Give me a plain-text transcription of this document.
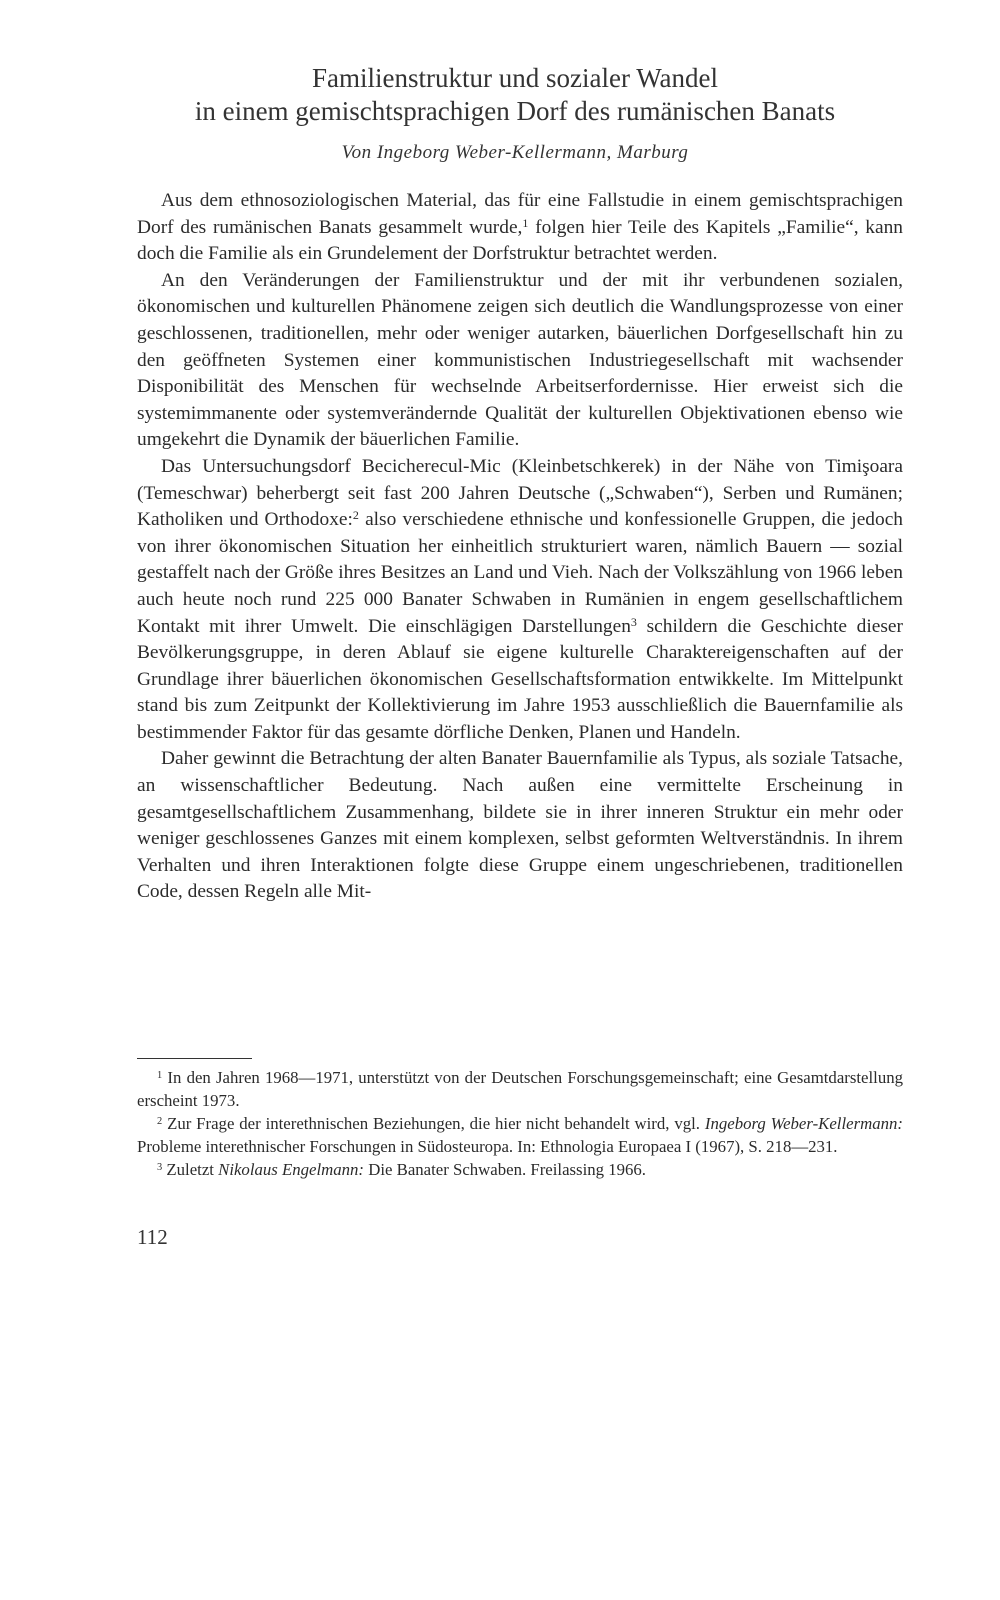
Familienstruktur und sozialer Wandel
in einem gemischtsprachigen Dorf des rumänischen Banats
Von Ingeborg Weber-Kellermann, Marburg

Aus dem ethnosoziologischen Material, das für eine Fallstudie in einem gemischtsprachigen Dorf des rumänischen Banats gesammelt wurde,$^1$ folgen hier Teile des Kapitels „Familie“, kann doch die Familie als ein Grundelement der Dorfstruktur betrachtet werden.

An den Veränderungen der Familienstruktur und der mit ihr verbundenen sozialen, ökonomischen und kulturellen Phänomene zeigen sich deutlich die Wandlungsprozesse von einer geschlossenen, traditionellen, mehr oder weniger autarken, bäuerlichen Dorfgesellschaft hin zu den geöffneten Systemen einer kommunistischen Industriegesellschaft mit wachsender Disponibilität des Menschen für wechselnde Arbeitserfordernisse. Hier erweist sich die systemimmanente oder systemverändernde Qualität der kulturellen Objektivationen ebenso wie umgekehrt die Dynamik der bäuerlichen Familie.

Das Untersuchungsdorf Becicherecul-Mic (Kleinbetschkerek) in der Nähe von Timişoara (Temeschwar) beherbergt seit fast 200 Jahren Deutsche („Schwaben“), Serben und Rumänen; Katholiken und Orthodoxe:$^2$ also verschiedene ethnische und konfessionelle Gruppen, die jedoch von ihrer ökonomischen Situation her einheitlich strukturiert waren, nämlich Bauern — sozial gestaffelt nach der Größe ihres Besitzes an Land und Vieh. Nach der Volkszählung von 1966 leben auch heute noch rund 225 000 Banater Schwaben in Rumänien in engem gesellschaftlichem Kontakt mit ihrer Umwelt. Die einschlägigen Darstellungen$^3$ schildern die Geschichte dieser Bevölkerungsgruppe, in deren Ablauf sie eigene kulturelle Charaktereigenschaften auf der Grundlage ihrer bäuerlichen ökonomischen Gesellschaftsformation entwikkelte. Im Mittelpunkt stand bis zum Zeitpunkt der Kollektivierung im Jahre 1953 ausschließlich die Bauernfamilie als bestimmender Faktor für das gesamte dörfliche Denken, Planen und Handeln.

Daher gewinnt die Betrachtung der alten Banater Bauernfamilie als Typus, als soziale Tatsache, an wissenschaftlicher Bedeutung. Nach außen eine vermittelte Erscheinung in gesamtgesellschaftlichem Zusammenhang, bildete sie in ihrer inneren Struktur ein mehr oder weniger geschlossenes Ganzes mit einem komplexen, selbst geformten Weltverständnis. In ihrem Verhalten und ihren Interaktionen folgte diese Gruppe einem ungeschriebenen, traditionellen Code, dessen Regeln alle Mit-

$^1$ In den Jahren 1968—1971, unterstützt von der Deutschen Forschungsgemeinschaft; eine Gesamtdarstellung erscheint 1973.

$^2$ Zur Frage der interethnischen Beziehungen, die hier nicht behandelt wird, vgl. Ingeborg Weber-Kellermann: Probleme interethnischer Forschungen in Südosteuropa. In: Ethnologia Europaea I (1967), S. 218—231.

$^3$ Zuletzt Nikolaus Engelmann: Die Banater Schwaben. Freilassing 1966.

112
